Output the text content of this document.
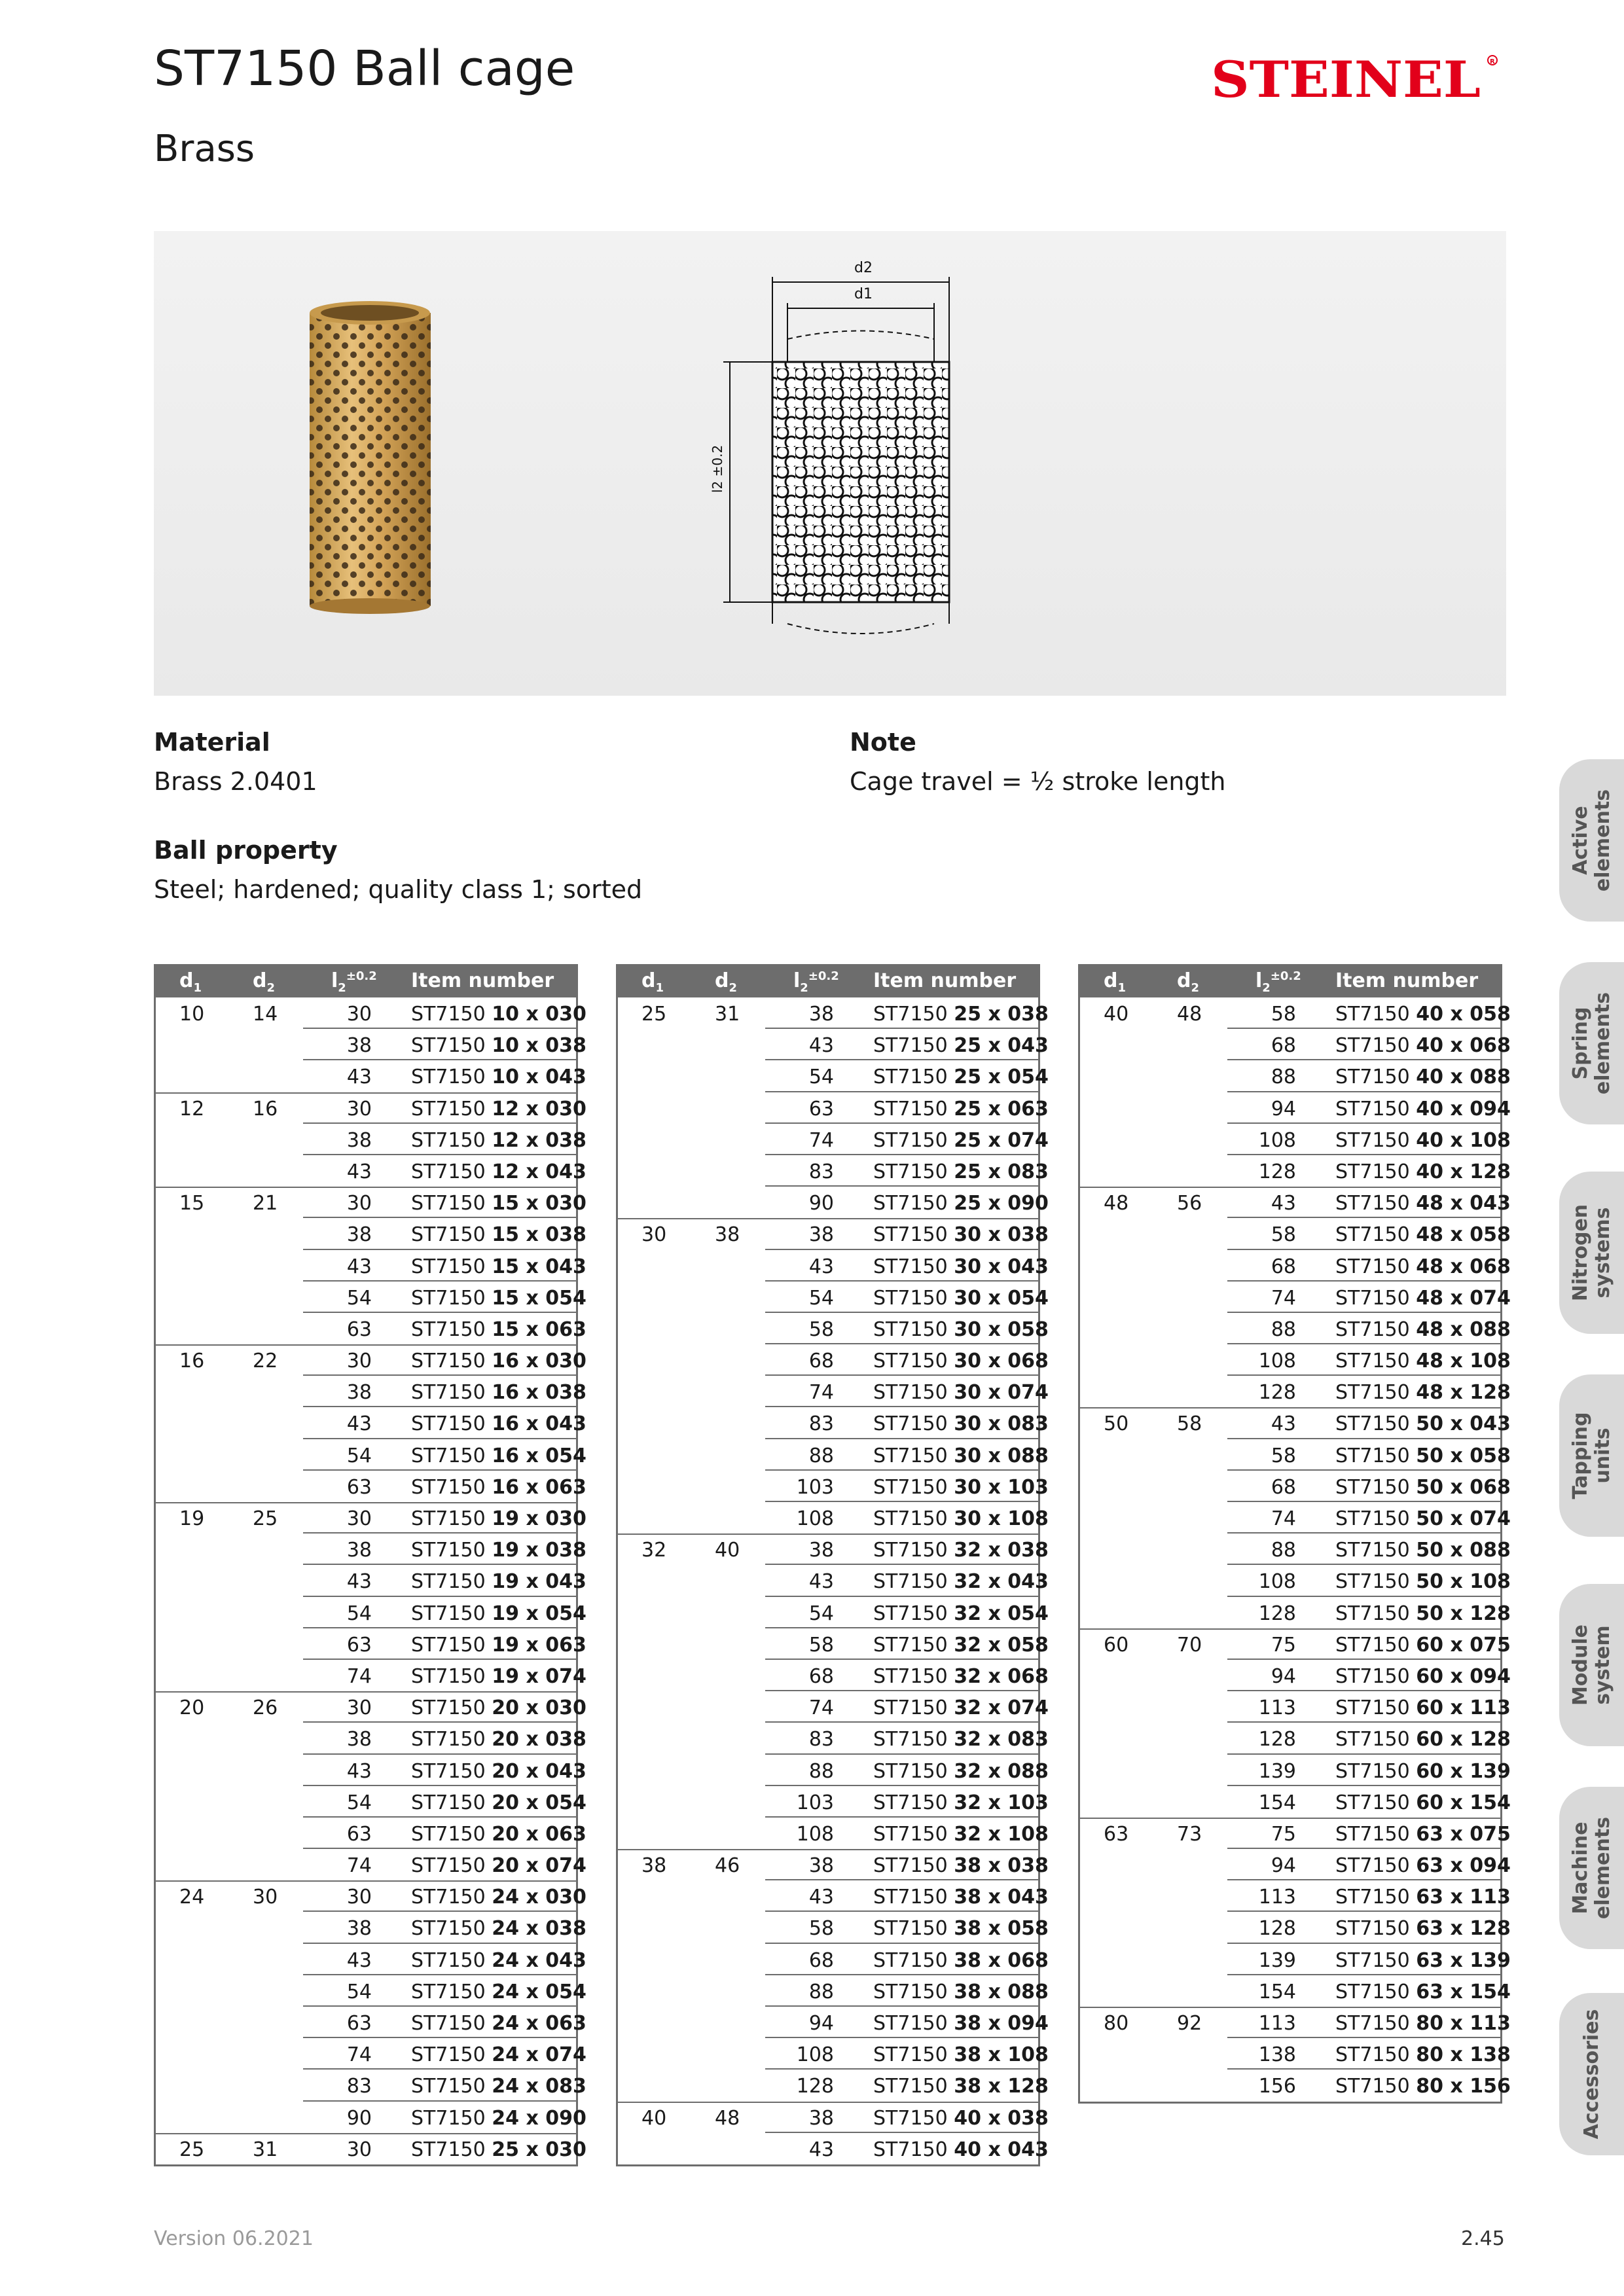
ST7150 Ball cage
Brass
STEINEL R
d2
d1
l2 ±0.2
Material
Brass 2.0401
Note
Cage travel = ½ stroke length
Ball property
Steel; hardened; quality class 1; sorted
$d_1$	$d_2$	$l_2^{\pm 0.2}$ Item number
10 14	30 ST7150 10 x 030
38 ST7150 10 x 038
43 ST7150 10 x 043
12 16	30 ST7150 12 x 030
38 ST7150 12 x 038
43 ST7150 12 x 043
15 21	30 ST7150 15 x 030
38 ST7150 15 x 038
43 ST7150 15 x 043
54 ST7150 15 x 054
63 ST7150 15 x 063
16 22	30 ST7150 16 x 030
38 ST7150 16 x 038
43 ST7150 16 x 043
54 ST7150 16 x 054
63 ST7150 16 x 063
19 25	30 ST7150 19 x 030
38 ST7150 19 x 038
43 ST7150 19 x 043
54 ST7150 19 x 054
63 ST7150 19 x 063
74 ST7150 19 x 074
20 26	30 ST7150 20 x 030
38 ST7150 20 x 038
43 ST7150 20 x 043
54 ST7150 20 x 054
63 ST7150 20 x 063
74 ST7150 20 x 074
24 30	30 ST7150 24 x 030
38 ST7150 24 x 038
43 ST7150 24 x 043
54 ST7150 24 x 054
63 ST7150 24 x 063
74 ST7150 24 x 074
83 ST7150 24 x 083
90 ST7150 24 x 090
25 31	30 ST7150 25 x 030
$d_1$	$d_2$	$l_2^{\pm 0.2}$ Item number
25 31	38 ST7150 25 x 038
43 ST7150 25 x 043
54 ST7150 25 x 054
63 ST7150 25 x 063
74 ST7150 25 x 074
83 ST7150 25 x 083
90 ST7150 25 x 090
30 38	38 ST7150 30 x 038
43 ST7150 30 x 043
54 ST7150 30 x 054
58 ST7150 30 x 058
68 ST7150 30 x 068
74 ST7150 30 x 074
83 ST7150 30 x 083
88 ST7150 30 x 088
103 ST7150 30 x 103
108 ST7150 30 x 108
32 40	38 ST7150 32 x 038
43 ST7150 32 x 043
54 ST7150 32 x 054
58 ST7150 32 x 058
68 ST7150 32 x 068
74 ST7150 32 x 074
83 ST7150 32 x 083
88 ST7150 32 x 088
103 ST7150 32 x 103
108 ST7150 32 x 108
38 46	38 ST7150 38 x 038
43 ST7150 38 x 043
58 ST7150 38 x 058
68 ST7150 38 x 068
88 ST7150 38 x 088
94 ST7150 38 x 094
108 ST7150 38 x 108
128 ST7150 38 x 128
40 48	38 ST7150 40 x 038
43 ST7150 40 x 043
$d_1$	$d_2$	$l_2^{\pm 0.2}$ Item number
40 48	58 ST7150 40 x 058
68 ST7150 40 x 068
88 ST7150 40 x 088
94 ST7150 40 x 094
108 ST7150 40 x 108
128 ST7150 40 x 128
48 56	43 ST7150 48 x 043
58 ST7150 48 x 058
68 ST7150 48 x 068
74 ST7150 48 x 074
88 ST7150 48 x 088
108 ST7150 48 x 108
128 ST7150 48 x 128
50 58	43 ST7150 50 x 043
58 ST7150 50 x 058
68 ST7150 50 x 068
74 ST7150 50 x 074
88 ST7150 50 x 088
108 ST7150 50 x 108
128 ST7150 50 x 128
60 70	75 ST7150 60 x 075
94 ST7150 60 x 094
113 ST7150 60 x 113
128 ST7150 60 x 128
139 ST7150 60 x 139
154 ST7150 60 x 154
63 73	75 ST7150 63 x 075
94 ST7150 63 x 094
113 ST7150 63 x 113
128 ST7150 63 x 128
139 ST7150 63 x 139
154 ST7150 63 x 154
80 92	113 ST7150 80 x 113
138 ST7150 80 x 138
156 ST7150 80 x 156
Active
elements
Spring
elements
Nitrogen
systems
Tapping
units
Module
system
Machine
elements
Accessories
Version 06.2021	2.45
